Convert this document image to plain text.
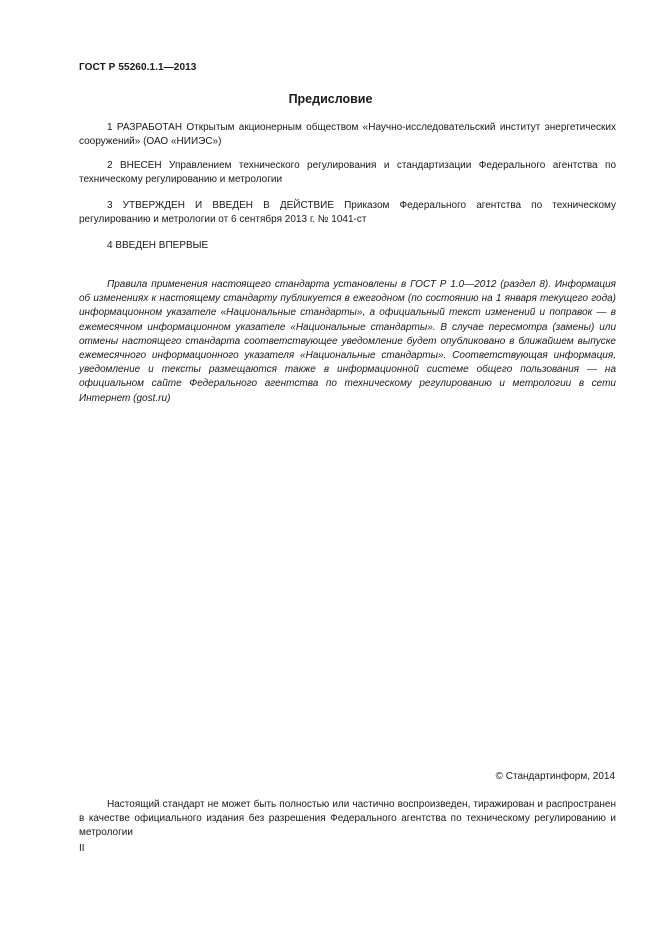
ГОСТ Р 55260.1.1—2013
Предисловие

1 РАЗРАБОТАН Открытым акционерным обществом «Научно-исследовательский институт энергетических сооружений» (ОАО «НИИЭС»)

2 ВНЕСЕН Управлением технического регулирования и стандартизации Федерального агентства по техническому регулированию и метрологии

3 УТВЕРЖДЕН И ВВЕДЕН В ДЕЙСТВИЕ Приказом Федерального агентства по техническому регулированию и метрологии от 6 сентября 2013 г. № 1041-ст

4 ВВЕДЕН ВПЕРВЫЕ

Правила применения настоящего стандарта установлены в ГОСТ Р 1.0—2012 (раздел 8). Информация об изменениях к настоящему стандарту публикуется в ежегодном (по состоянию на 1 января текущего года) информационном указателе «Национальные стандарты», а официальный текст изменений и поправок — в ежемесячном информационном указателе «Национальные стандарты». В случае пересмотра (замены) или отмены настоящего стандарта соответствующее уведомление будет опубликовано в ближайшем выпуске ежемесячного информационного указателя «Национальные стандарты». Соответствующая информация, уведомление и тексты размещаются также в информационной системе общего пользования — на официальном сайте Федерального агентства по техническому регулированию и метрологии в сети Интернет (gost.ru)

© Стандартинформ, 2014

Настоящий стандарт не может быть полностью или частично воспроизведен, тиражирован и распространен в качестве официального издания без разрешения Федерального агентства по техническому регулированию и метрологии

II
